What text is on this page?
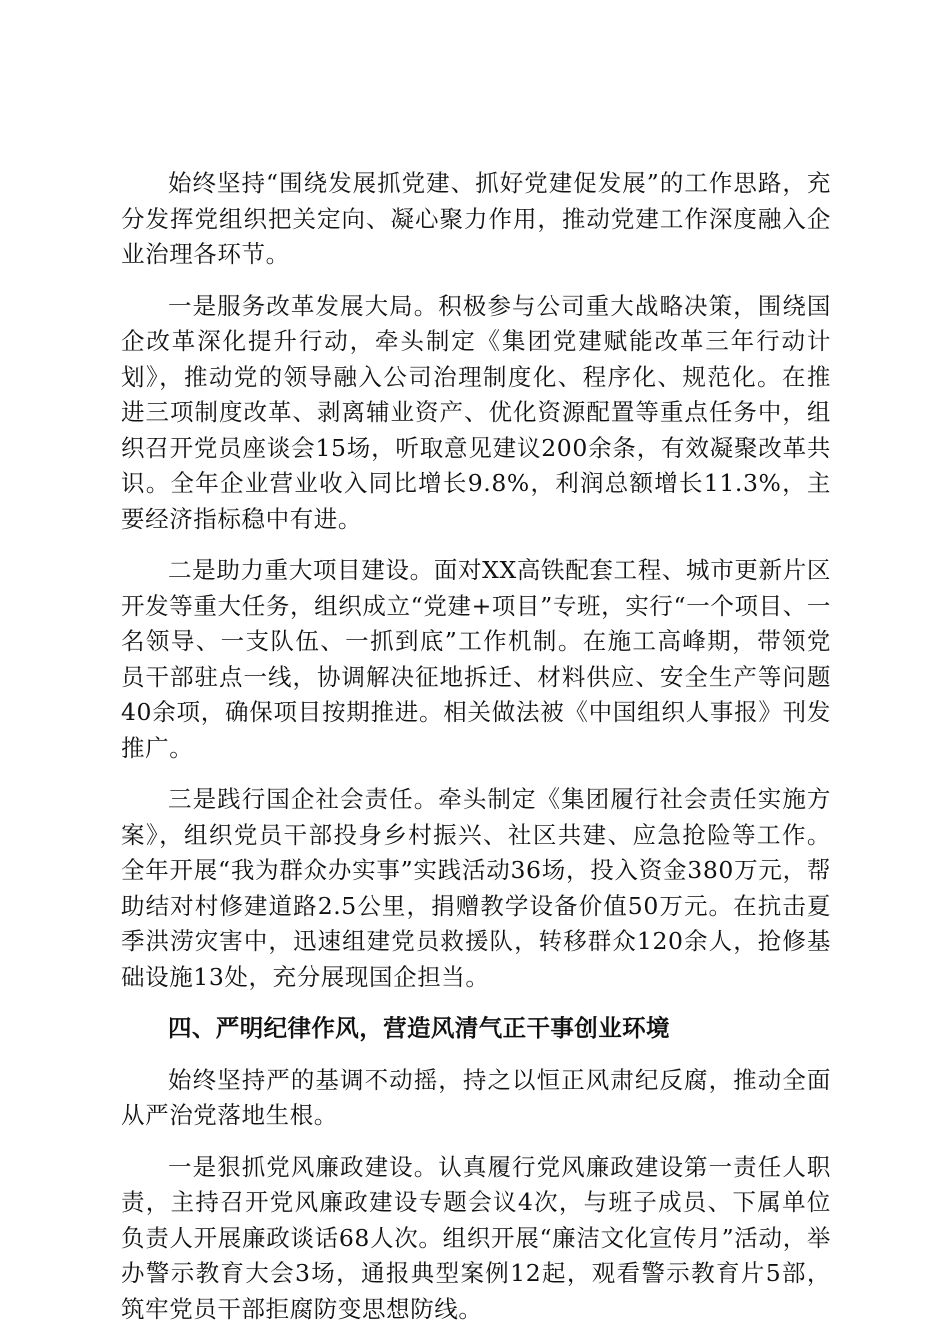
始终坚持“围绕发展抓党建、抓好党建促发展”的工作思路，充分发挥党组织把关定向、凝心聚力作用，推动党建工作深度融入企业治理各环节。

一是服务改革发展大局。积极参与公司重大战略决策，围绕国企改革深化提升行动，牵头制定《集团党建赋能改革三年行动计划》，推动党的领导融入公司治理制度化、程序化、规范化。在推进三项制度改革、剥离辅业资产、优化资源配置等重点任务中，组织召开党员座谈会15场，听取意见建议200余条，有效凝聚改革共识。全年企业营业收入同比增长9.8%，利润总额增长11.3%，主要经济指标稳中有进。

二是助力重大项目建设。面对XX高铁配套工程、城市更新片区开发等重大任务，组织成立“党建+项目”专班，实行“一个项目、一名领导、一支队伍、一抓到底”工作机制。在施工高峰期，带领党员干部驻点一线，协调解决征地拆迁、材料供应、安全生产等问题40余项，确保项目按期推进。相关做法被《中国组织人事报》刊发推广。

三是践行国企社会责任。牵头制定《集团履行社会责任实施方案》，组织党员干部投身乡村振兴、社区共建、应急抢险等工作。全年开展“我为群众办实事”实践活动36场，投入资金380万元，帮助结对村修建道路2.5公里，捐赠教学设备价值50万元。在抗击夏季洪涝灾害中，迅速组建党员救援队，转移群众120余人，抢修基础设施13处，充分展现国企担当。

四、严明纪律作风，营造风清气正干事创业环境

始终坚持严的基调不动摇，持之以恒正风肃纪反腐，推动全面从严治党落地生根。

一是狠抓党风廉政建设。认真履行党风廉政建设第一责任人职责，主持召开党风廉政建设专题会议4次，与班子成员、下属单位负责人开展廉政谈话68人次。组织开展“廉洁文化宣传月”活动，举办警示教育大会3场，通报典型案例12起，观看警示教育片5部，筑牢党员干部拒腐防变思想防线。
